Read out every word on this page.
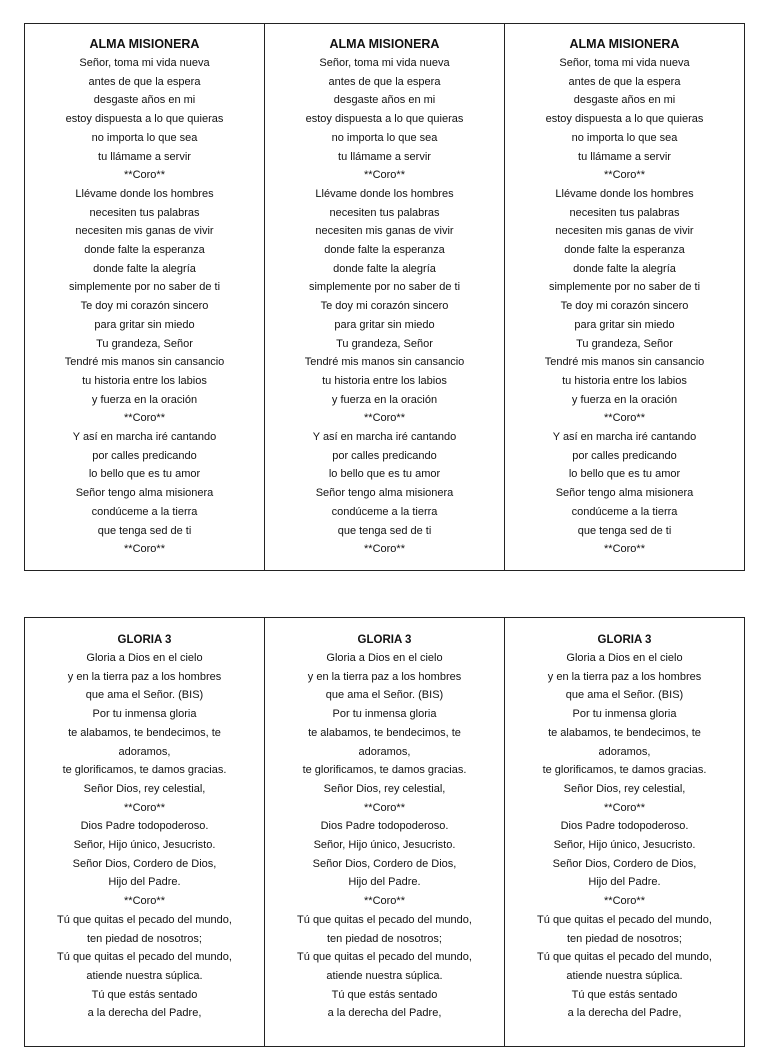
ALMA MISIONERA
Señor, toma mi vida nueva
antes de que la espera
desgaste años en mi
estoy dispuesta a lo que quieras
no importa lo que sea
tu llámame a servir
**Coro**
Llévame donde los hombres
necesiten tus palabras
necesiten mis ganas de vivir
donde falte la esperanza
donde falte la alegría
simplemente por no saber de ti
Te doy mi corazón sincero
para gritar sin miedo
Tu grandeza, Señor
Tendré mis manos sin cansancio
tu historia entre los labios
y fuerza en la oración
**Coro**
Y así en marcha iré cantando
por calles predicando
lo bello que es tu amor
Señor tengo alma misionera
condúceme a la tierra
que tenga sed de ti
**Coro**
ALMA MISIONERA
Señor, toma mi vida nueva
antes de que la espera
desgaste años en mi
estoy dispuesta a lo que quieras
no importa lo que sea
tu llámame a servir
**Coro**
Llévame donde los hombres
necesiten tus palabras
necesiten mis ganas de vivir
donde falte la esperanza
donde falte la alegría
simplemente por no saber de ti
Te doy mi corazón sincero
para gritar sin miedo
Tu grandeza, Señor
Tendré mis manos sin cansancio
tu historia entre los labios
y fuerza en la oración
**Coro**
Y así en marcha iré cantando
por calles predicando
lo bello que es tu amor
Señor tengo alma misionera
condúceme a la tierra
que tenga sed de ti
**Coro**
ALMA MISIONERA
Señor, toma mi vida nueva
antes de que la espera
desgaste años en mi
estoy dispuesta a lo que quieras
no importa lo que sea
tu llámame a servir
**Coro**
Llévame donde los hombres
necesiten tus palabras
necesiten mis ganas de vivir
donde falte la esperanza
donde falte la alegría
simplemente por no saber de ti
Te doy mi corazón sincero
para gritar sin miedo
Tu grandeza, Señor
Tendré mis manos sin cansancio
tu historia entre los labios
y fuerza en la oración
**Coro**
Y así en marcha iré cantando
por calles predicando
lo bello que es tu amor
Señor tengo alma misionera
condúceme a la tierra
que tenga sed de ti
**Coro**
GLORIA 3
Gloria a Dios en el cielo
y en la tierra paz a los hombres
que ama el Señor. (BIS)
Por tu inmensa gloria
te alabamos, te bendecimos, te
adoramos,
te glorificamos, te damos gracias.
Señor Dios, rey celestial,
**Coro**
Dios Padre todopoderoso.
Señor, Hijo único, Jesucristo.
Señor Dios, Cordero de Dios,
Hijo del Padre.
**Coro**
Tú que quitas el pecado del mundo,
ten piedad de nosotros;
Tú que quitas el pecado del mundo,
atiende nuestra súplica.
Tú que estás sentado
a la derecha del Padre,
GLORIA 3
Gloria a Dios en el cielo
y en la tierra paz a los hombres
que ama el Señor. (BIS)
Por tu inmensa gloria
te alabamos, te bendecimos, te
adoramos,
te glorificamos, te damos gracias.
Señor Dios, rey celestial,
**Coro**
Dios Padre todopoderoso.
Señor, Hijo único, Jesucristo.
Señor Dios, Cordero de Dios,
Hijo del Padre.
**Coro**
Tú que quitas el pecado del mundo,
ten piedad de nosotros;
Tú que quitas el pecado del mundo,
atiende nuestra súplica.
Tú que estás sentado
a la derecha del Padre,
GLORIA 3
Gloria a Dios en el cielo
y en la tierra paz a los hombres
que ama el Señor. (BIS)
Por tu inmensa gloria
te alabamos, te bendecimos, te
adoramos,
te glorificamos, te damos gracias.
Señor Dios, rey celestial,
**Coro**
Dios Padre todopoderoso.
Señor, Hijo único, Jesucristo.
Señor Dios, Cordero de Dios,
Hijo del Padre.
**Coro**
Tú que quitas el pecado del mundo,
ten piedad de nosotros;
Tú que quitas el pecado del mundo,
atiende nuestra súplica.
Tú que estás sentado
a la derecha del Padre,
